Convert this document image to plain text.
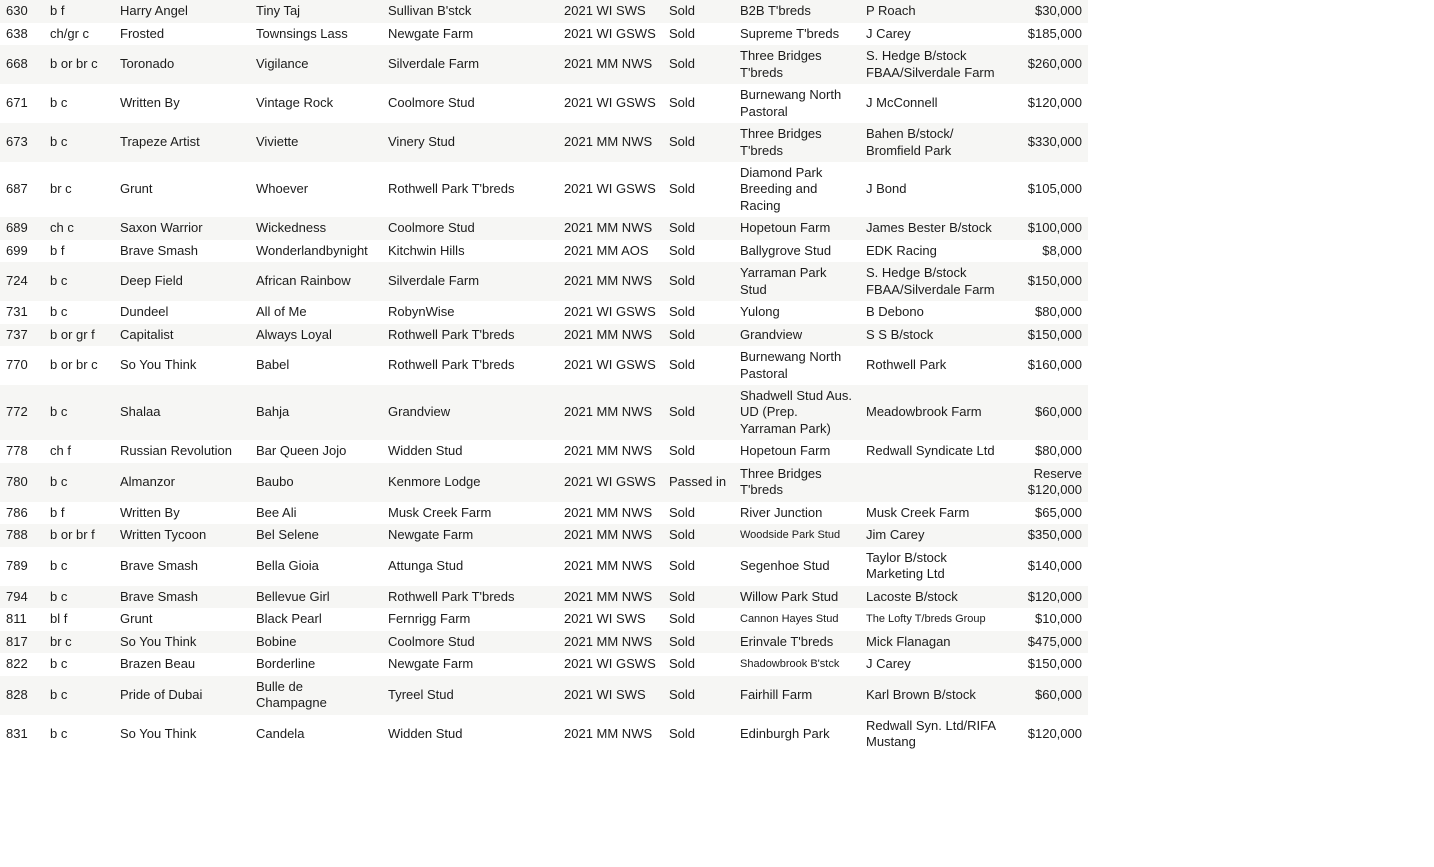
630	b f	Harry Angel	Tiny Taj	Sullivan B'stck	2021 WI SWS	Sold	B2B T'breds	P Roach	$30,000
638	ch/gr c	Frosted	Townsings Lass	Newgate Farm	2021 WI GSWS	Sold	Supreme T'breds	J Carey	$185,000
668	b or br c	Toronado	Vigilance	Silverdale Farm	2021 MM NWS	Sold	Three Bridges T'breds	S. Hedge B/stock FBAA/Silverdale Farm	$260,000
671	b c	Written By	Vintage Rock	Coolmore Stud	2021 WI GSWS	Sold	Burnewang North Pastoral	J McConnell	$120,000
673	b c	Trapeze Artist	Viviette	Vinery Stud	2021 MM NWS	Sold	Three Bridges T'breds	Bahen B/stock/ Bromfield Park	$330,000
687	br c	Grunt	Whoever	Rothwell Park T'breds	2021 WI GSWS	Sold	Diamond Park Breeding and Racing	J Bond	$105,000
689	ch c	Saxon Warrior	Wickedness	Coolmore Stud	2021 MM NWS	Sold	Hopetoun Farm	James Bester B/stock	$100,000
699	b f	Brave Smash	Wonderlandbynight	Kitchwin Hills	2021 MM AOS	Sold	Ballygrove Stud	EDK Racing	$8,000
724	b c	Deep Field	African Rainbow	Silverdale Farm	2021 MM NWS	Sold	Yarraman Park Stud	S. Hedge B/stock FBAA/Silverdale Farm	$150,000
731	b c	Dundeel	All of Me	RobynWise	2021 WI GSWS	Sold	Yulong	B Debono	$80,000
737	b or gr f	Capitalist	Always Loyal	Rothwell Park T'breds	2021 MM NWS	Sold	Grandview	S S B/stock	$150,000
770	b or br c	So You Think	Babel	Rothwell Park T'breds	2021 WI GSWS	Sold	Burnewang North Pastoral	Rothwell Park	$160,000
772	b c	Shalaa	Bahja	Grandview	2021 MM NWS	Sold	Shadwell Stud Aus. UD (Prep. Yarraman Park)	Meadowbrook Farm	$60,000
778	ch f	Russian Revolution	Bar Queen Jojo	Widden Stud	2021 MM NWS	Sold	Hopetoun Farm	Redwall Syndicate Ltd	$80,000
780	b c	Almanzor	Baubo	Kenmore Lodge	2021 WI GSWS	Passed in	Three Bridges T'breds		Reserve $120,000
786	b f	Written By	Bee Ali	Musk Creek Farm	2021 MM NWS	Sold	River Junction	Musk Creek Farm	$65,000
788	b or br f	Written Tycoon	Bel Selene	Newgate Farm	2021 MM NWS	Sold	Woodside Park Stud	Jim Carey	$350,000
789	b c	Brave Smash	Bella Gioia	Attunga Stud	2021 MM NWS	Sold	Segenhoe Stud	Taylor B/stock Marketing Ltd	$140,000
794	b c	Brave Smash	Bellevue Girl	Rothwell Park T'breds	2021 MM NWS	Sold	Willow Park Stud	Lacoste B/stock	$120,000
811	bl f	Grunt	Black Pearl	Fernrigg Farm	2021 WI SWS	Sold	Cannon Hayes Stud	The Lofty T/breds Group	$10,000
817	br c	So You Think	Bobine	Coolmore Stud	2021 MM NWS	Sold	Erinvale T'breds	Mick Flanagan	$475,000
822	b c	Brazen Beau	Borderline	Newgate Farm	2021 WI GSWS	Sold	Shadowbrook B'stck	J Carey	$150,000
828	b c	Pride of Dubai	Bulle de Champagne	Tyreel Stud	2021 WI SWS	Sold	Fairhill Farm	Karl Brown B/stock	$60,000
831	b c	So You Think	Candela	Widden Stud	2021 MM NWS	Sold	Edinburgh Park	Redwall Syn. Ltd/RIFA Mustang	$120,000
